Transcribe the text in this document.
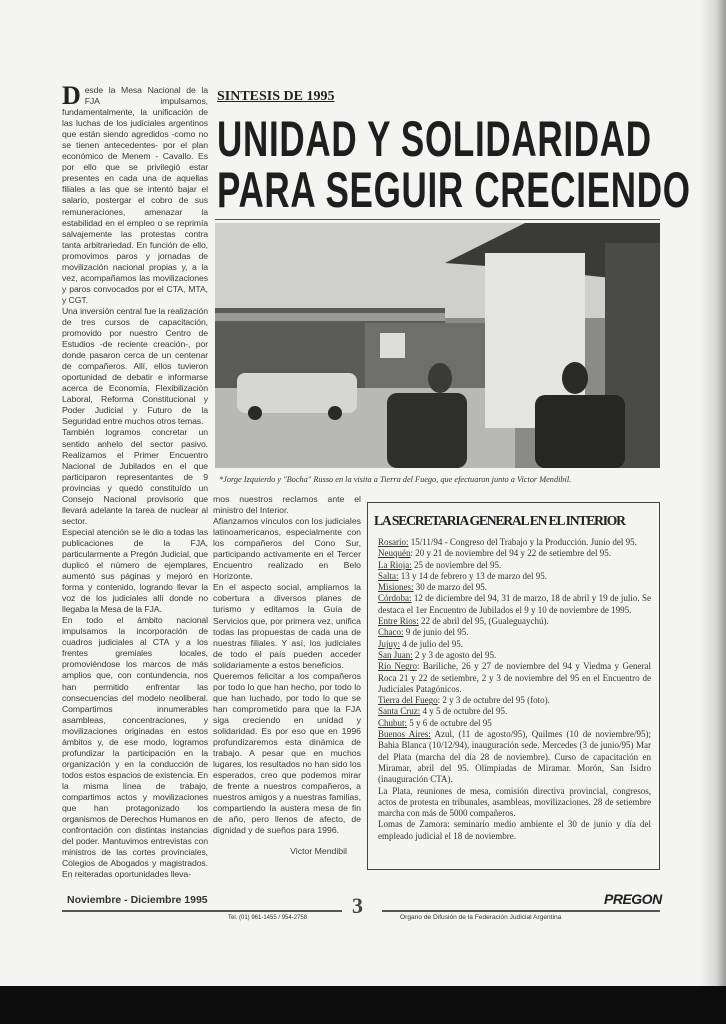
Desde la Mesa Nacional de la FJA impulsamos, fundamentalmente, la unificación de las luchas de los judiciales argentinos que están siendo agredidos -como no se tienen antecedentes- por el plan económico de Menem - Cavallo. Es por ello que se privilegió estar presentes en cada una de aquellas filiales a las que se intentó bajar el salario, postergar el cobro de sus remuneraciones, amenazar la estabilidad en el empleo o se reprimía salvajemente las protestas contra tanta arbitrariedad. En función de ello, promovimos paros y jornadas de movilización nacional propias y, a la vez, acompañamos las movilizaciones y paros convocados por el CTA, MTA, y CGT.

Una inversión central fue la realización de tres cursos de capacitación, promovido por nuestro Centro de Estudios -de reciente creación-, por donde pasaron cerca de un centenar de compañeros. Allí, ellos tuvieron oportunidad de debatir e informarse acerca de Economía, Flexibilización Laboral, Reforma Constitucional y Poder Judicial y Futuro de la Seguridad entre muchos otros temas.

También logramos concretar un sentido anhelo del sector pasivo. Realizamos el Primer Encuentro Nacional de Jubilados en el que participaron representantes de 9 provincias y quedó constituído un Consejo Nacional provisorio que llevará adelante la tarea de nuclear al sector.

Especial atención se le dio a todas las publicaciones de la FJA, particularmente a Pregón Judicial, que duplicó el número de ejemplares, aumentó sus páginas y mejoró en forma y contenido, logrando llevar la voz de los judiciales allí donde no llegaba la Mesa de la FJA.

En todo el ámbito nacional impulsamos la incorporación de cuadros judiciales al CTA y a los frentes gremiales locales, promoviéndose los marcos de más amplios que, con contundencia, nos han permitido enfrentar las consecuencias del modelo neoliberal. Compartimos innumerables asambleas, concentraciones, y movilizaciones originadas en estos ámbitos y, de ese modo, logramos profundizar la participación en la organización y en la conducción de todos estos espacios de existencia. En la misma línea de trabajo, compartimos actos y movilizaciones que han protagonizado los organismos de Derechos Humanos en confrontación con distintas instancias del poder. Mantuvimos entrevistas con ministros de las cortes provinciales, Colegios de Abogados y magistrados. En reiteradas oportunidades lleva-

SINTESIS DE 1995
UNIDAD Y SOLIDARIDAD
PARA SEGUIR CRECIENDO
*Jorge Izquierdo y "Bocha" Russo en la visita a Tierra del Fuego, que efectuaron junto a Victor Mendibil.

mos nuestros reclamos ante el ministro del Interior.

Afianzamos vínculos con los judiciales latinoamericanos, especialmente con los compañeros del Cono Sur, participando activamente en el Tercer Encuentro realizado en Belo Horizonte.

En el aspecto social, ampliamos la cobertura a diversos planes de turismo y editamos la Guía de Servicios que, por primera vez, unifica todas las propuestas de cada una de nuestras filiales. Y así, los judiciales de todo el país pueden acceder solidariamente a estos beneficios.

Queremos felicitar a los compañeros por todo lo que han hecho, por todo lo que han luchado, por todo lo que se han comprometido para que la FJA siga creciendo en unidad y solidaridad. Es por eso que en 1996 profundizaremos esta dinámica de trabajo. A pesar que en muchos lugares, los resultados no han sido los esperados, creo que podemos mirar de frente a nuestros compañeros, a nuestros amigos y a nuestras familias, compartiendo la austera mesa de fin de año, pero llenos de afecto, de dignidad y de sueños para 1996.

Victor Mendibil

LA SECRETARIA GENERAL EN EL INTERIOR
Rosario: 15/11/94 - Congreso del Trabajo y la Producción. Junio del 95.
Neuquén: 20 y 21 de noviembre del 94 y 22 de setiembre del 95.
La Rioja: 25 de noviembre del 95.
Salta: 13 y 14 de febrero y 13 de marzo del 95.
Misiones: 30 de marzo del 95.
Córdoba: 12 de diciembre del 94, 31 de marzo, 18 de abril y 19 de julio. Se destaca el 1er Encuentro de Jubilados el 9 y 10 de noviembre de 1995.
Entre Ríos: 22 de abril del 95, (Gualeguaychú).
Chaco: 9 de junio del 95.
Jujuy: 4 de julio del 95.
San Juan: 2 y 3 de agosto del 95.
Río Negro: Bariliche, 26 y 27 de noviembre del 94 y Viedma y General Roca 21 y 22 de setiembre, 2 y 3 de noviembre del 95 en el Encuentro de Judiciales Patagónicos.
Tierra del Fuego: 2 y 3 de octubre del 95 (foto).
Santa Cruz: 4 y 5 de octubre del 95.
Chubut: 5 y 6 de octubre del 95
Buenos Aires: Azul, (11 de agosto/95), Quilmes (10 de noviembre/95); Bahia Blanca (10/12/94), inauguración sede. Mercedes (3 de junio/95) Mar del Plata (marcha del día 28 de noviembre). Curso de capacitación en Miramar, abril del 95. Olimpiadas de Miramar. Morón, San Isidro (inauguración CTA).
La Plata, reuniones de mesa, comisión directiva provincial, congresos, actos de protesta en tribunales, asambleas, movilizaciones. 28 de setiembre marcha con más de 5000 compañeros.
Lomas de Zamora: seminario medio ambiente el 30 de junio y día del empleado judicial el 18 de noviembre.
Noviembre - Diciembre 1995
Tel. (01) 961-1455 / 954-2758 3	Organo de Difusión de la Federación Judicial Argentina
PREGON
